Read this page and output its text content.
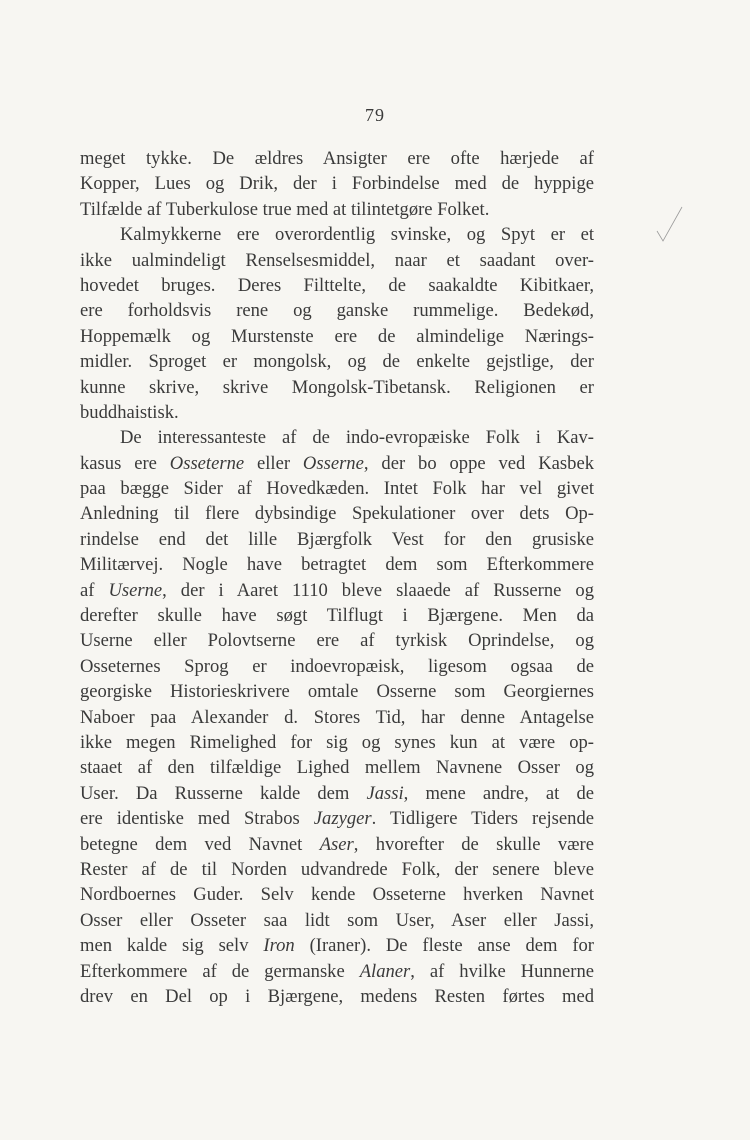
79
meget tykke. De ældres Ansigter ere ofte hærjede af
Kopper, Lues og Drik, der i Forbindelse med de hyppige
Tilfælde af Tuberkulose true med at tilintetgøre Folket.
Kalmykkerne ere overordentlig svinske, og Spyt er et
ikke ualmindeligt Renselsesmiddel, naar et saadant over-
hovedet bruges. Deres Filttelte, de saakaldte Kibitkaer,
ere forholdsvis rene og ganske rummelige. Bedekød,
Hoppemælk og Murstenste ere de almindelige Nærings-
midler. Sproget er mongolsk, og de enkelte gejstlige, der
kunne skrive, skrive Mongolsk-Tibetansk. Religionen er
buddhaistisk.
De interessanteste af de indo-evropæiske Folk i Kav-
kasus ere Osseterne eller Osserne, der bo oppe ved Kasbek
paa bægge Sider af Hovedkæden. Intet Folk har vel givet
Anledning til flere dybsindige Spekulationer over dets Op-
rindelse end det lille Bjærgfolk Vest for den grusiske
Militærvej. Nogle have betragtet dem som Efterkommere
af Userne, der i Aaret 1110 bleve slaaede af Russerne og
derefter skulle have søgt Tilflugt i Bjærgene. Men da
Userne eller Polovtserne ere af tyrkisk Oprindelse, og
Osseternes Sprog er indoevropæisk, ligesom ogsaa de
georgiske Historieskrivere omtale Osserne som Georgiernes
Naboer paa Alexander d. Stores Tid, har denne Antagelse
ikke megen Rimelighed for sig og synes kun at være op-
staaet af den tilfældige Lighed mellem Navnene Osser og
User. Da Russerne kalde dem Jassi, mene andre, at de
ere identiske med Strabos Jazyger. Tidligere Tiders rejsende
betegne dem ved Navnet Aser, hvorefter de skulle være
Rester af de til Norden udvandrede Folk, der senere bleve
Nordboernes Guder. Selv kende Osseterne hverken Navnet
Osser eller Osseter saa lidt som User, Aser eller Jassi,
men kalde sig selv Iron (Iraner). De fleste anse dem for
Efterkommere af de germanske Alaner, af hvilke Hunnerne
drev en Del op i Bjærgene, medens Resten førtes med
